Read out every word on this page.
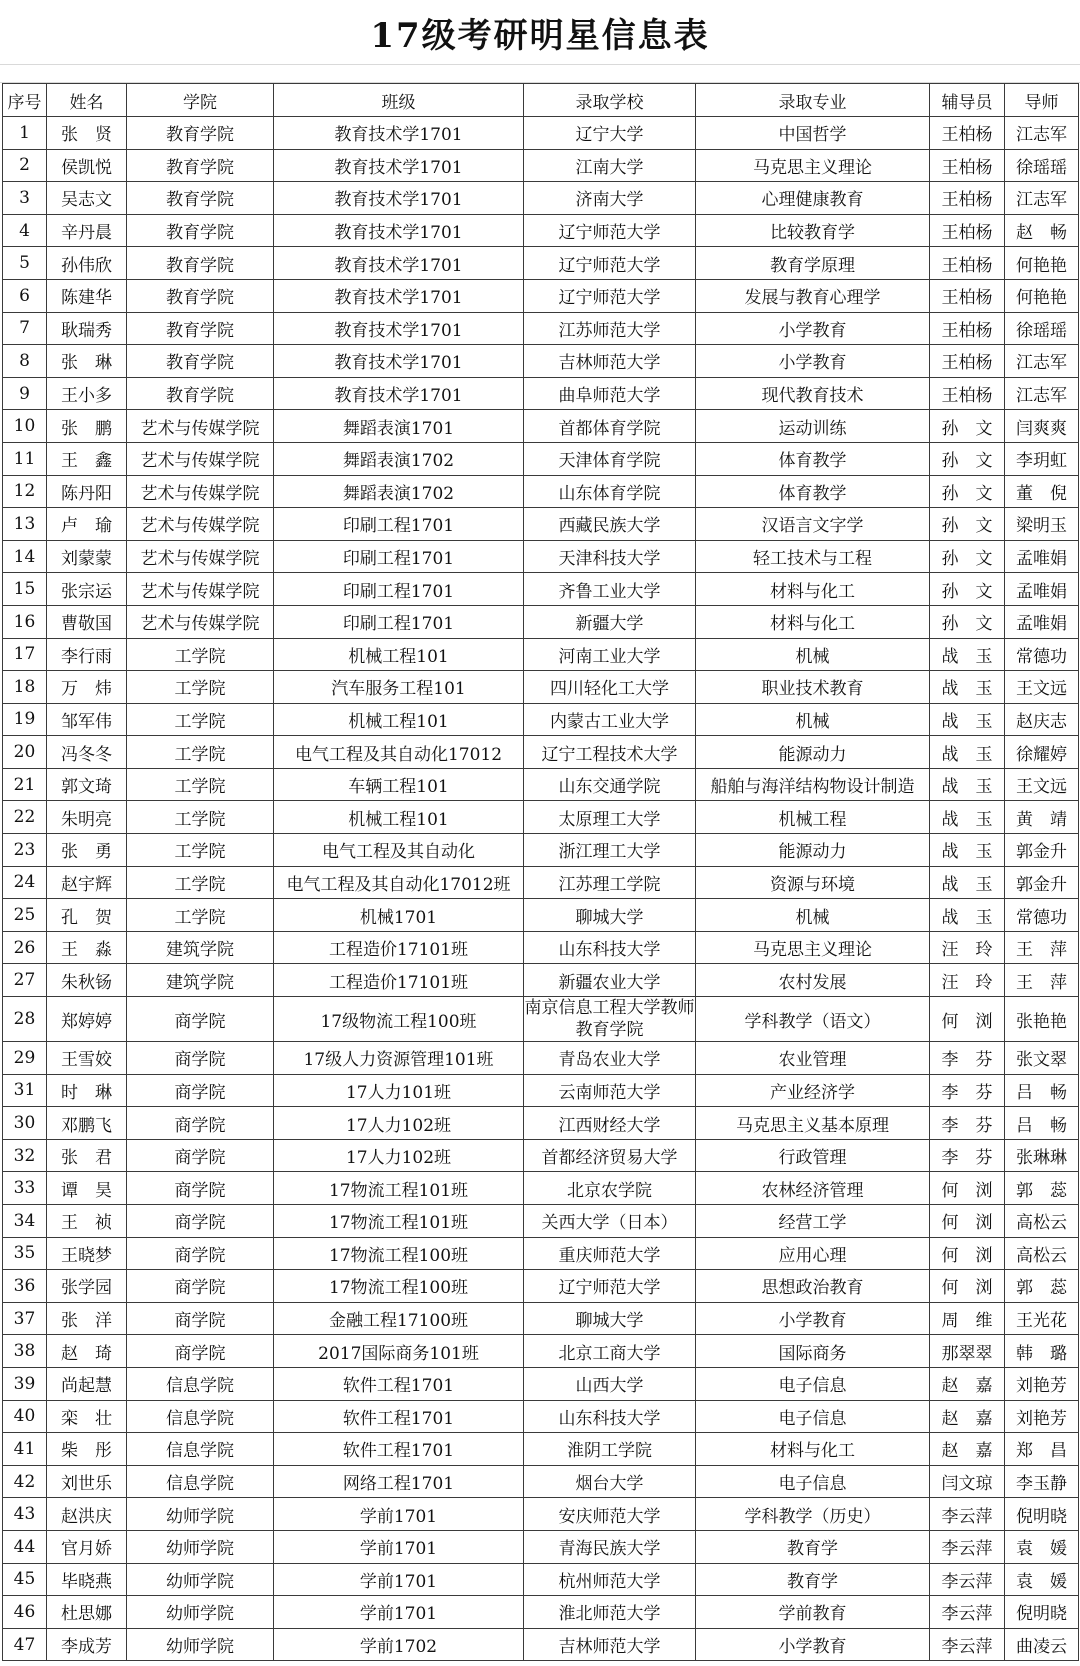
17级考研明星信息表
序号	姓名	学院	班级	录取学校	录取专业	辅导员	导师
1	张　贤	教育学院	教育技术学1701	辽宁大学	中国哲学	王柏杨	江志军
2	侯凯悦	教育学院	教育技术学1701	江南大学	马克思主义理论	王柏杨	徐瑶瑶
3	吴志文	教育学院	教育技术学1701	济南大学	心理健康教育	王柏杨	江志军
4	辛丹晨	教育学院	教育技术学1701	辽宁师范大学	比较教育学	王柏杨	赵　畅
5	孙伟欣	教育学院	教育技术学1701	辽宁师范大学	教育学原理	王柏杨	何艳艳
6	陈建华	教育学院	教育技术学1701	辽宁师范大学	发展与教育心理学	王柏杨	何艳艳
7	耿瑞秀	教育学院	教育技术学1701	江苏师范大学	小学教育	王柏杨	徐瑶瑶
8	张　琳	教育学院	教育技术学1701	吉林师范大学	小学教育	王柏杨	江志军
9	王小多	教育学院	教育技术学1701	曲阜师范大学	现代教育技术	王柏杨	江志军
10	张　鹏	艺术与传媒学院	舞蹈表演1701	首都体育学院	运动训练	孙　文	闫爽爽
11	王　鑫	艺术与传媒学院	舞蹈表演1702	天津体育学院	体育教学	孙　文	李玥虹
12	陈丹阳	艺术与传媒学院	舞蹈表演1702	山东体育学院	体育教学	孙　文	董　倪
13	卢　瑜	艺术与传媒学院	印刷工程1701	西藏民族大学	汉语言文字学	孙　文	梁明玉
14	刘蒙蒙	艺术与传媒学院	印刷工程1701	天津科技大学	轻工技术与工程	孙　文	孟唯娟
15	张宗运	艺术与传媒学院	印刷工程1701	齐鲁工业大学	材料与化工	孙　文	孟唯娟
16	曹敬国	艺术与传媒学院	印刷工程1701	新疆大学	材料与化工	孙　文	孟唯娟
17	李行雨	工学院	机械工程101	河南工业大学	机械	战　玉	常德功
18	万　炜	工学院	汽车服务工程101	四川轻化工大学	职业技术教育	战　玉	王文远
19	邹军伟	工学院	机械工程101	内蒙古工业大学	机械	战　玉	赵庆志
20	冯冬冬	工学院	电气工程及其自动化17012	辽宁工程技术大学	能源动力	战　玉	徐耀婷
21	郭文琦	工学院	车辆工程101	山东交通学院	船舶与海洋结构物设计制造	战　玉	王文远
22	朱明亮	工学院	机械工程101	太原理工大学	机械工程	战　玉	黄　靖
23	张　勇	工学院	电气工程及其自动化	浙江理工大学	能源动力	战　玉	郭金升
24	赵宇辉	工学院	电气工程及其自动化17012班	江苏理工学院	资源与环境	战　玉	郭金升
25	孔　贺	工学院	机械1701	聊城大学	机械	战　玉	常德功
26	王　淼	建筑学院	工程造价17101班	山东科技大学	马克思主义理论	汪　玲	王　萍
27	朱秋钖	建筑学院	工程造价17101班	新疆农业大学	农村发展	汪　玲	王　萍
28	郑婷婷	商学院	17级物流工程100班	南京信息工程大学教师教育学院	学科教学（语文）	何　浏	张艳艳
29	王雪姣	商学院	17级人力资源管理101班	青岛农业大学	农业管理	李　芬	张文翠
31	时　琳	商学院	17人力101班	云南师范大学	产业经济学	李　芬	吕　畅
30	邓鹏飞	商学院	17人力102班	江西财经大学	马克思主义基本原理	李　芬	吕　畅
32	张　君	商学院	17人力102班	首都经济贸易大学	行政管理	李　芬	张琳琳
33	谭　昊	商学院	17物流工程101班	北京农学院	农林经济管理	何　浏	郭　蕊
34	王　祯	商学院	17物流工程101班	关西大学（日本）	经营工学	何　浏	高松云
35	王晓梦	商学院	17物流工程100班	重庆师范大学	应用心理	何　浏	高松云
36	张学园	商学院	17物流工程100班	辽宁师范大学	思想政治教育	何　浏	郭　蕊
37	张　洋	商学院	金融工程17100班	聊城大学	小学教育	周　维	王光花
38	赵　琦	商学院	2017国际商务101班	北京工商大学	国际商务	那翠翠	韩　璐
39	尚起慧	信息学院	软件工程1701	山西大学	电子信息	赵　嘉	刘艳芳
40	栾　壮	信息学院	软件工程1701	山东科技大学	电子信息	赵　嘉	刘艳芳
41	柴　彤	信息学院	软件工程1701	淮阴工学院	材料与化工	赵　嘉	郑　昌
42	刘世乐	信息学院	网络工程1701	烟台大学	电子信息	闫文琼	李玉静
43	赵洪庆	幼师学院	学前1701	安庆师范大学	学科教学（历史）	李云萍	倪明晓
44	官月娇	幼师学院	学前1701	青海民族大学	教育学	李云萍	袁　媛
45	毕晓燕	幼师学院	学前1701	杭州师范大学	教育学	李云萍	袁　媛
46	杜思娜	幼师学院	学前1701	淮北师范大学	学前教育	李云萍	倪明晓
47	李成芳	幼师学院	学前1702	吉林师范大学	小学教育	李云萍	曲凌云
